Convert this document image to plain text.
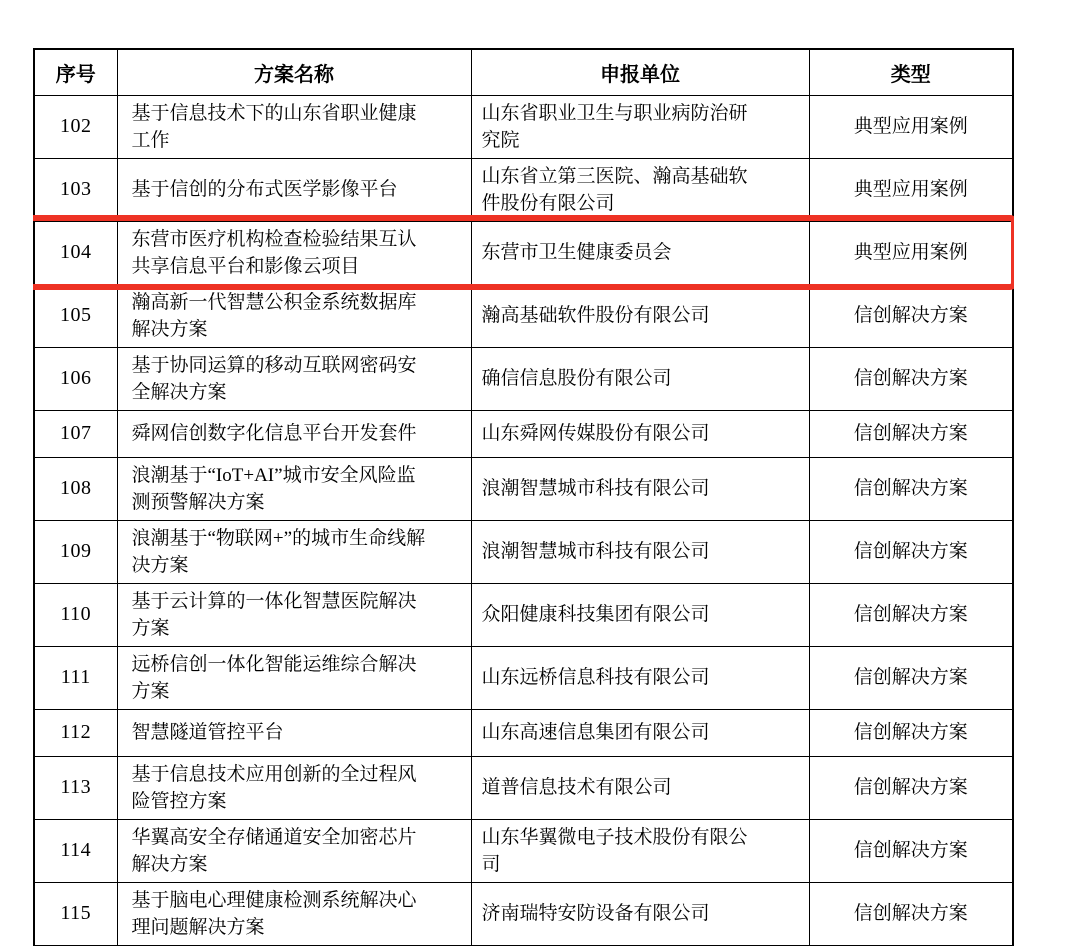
序号	方案名称	申报单位	类型
102	基于信息技术下的山东省职业健康工作	山东省职业卫生与职业病防治研究院	典型应用案例
103	基于信创的分布式医学影像平台	山东省立第三医院、瀚高基础软件股份有限公司	典型应用案例
104	东营市医疗机构检查检验结果互认共享信息平台和影像云项目	东营市卫生健康委员会	典型应用案例
105	瀚高新一代智慧公积金系统数据库解决方案	瀚高基础软件股份有限公司	信创解决方案
106	基于协同运算的移动互联网密码安全解决方案	确信信息股份有限公司	信创解决方案
107	舜网信创数字化信息平台开发套件	山东舜网传媒股份有限公司	信创解决方案
108	浪潮基于“IoT+AI”城市安全风险监测预警解决方案	浪潮智慧城市科技有限公司	信创解决方案
109	浪潮基于“物联网+”的城市生命线解决方案	浪潮智慧城市科技有限公司	信创解决方案
110	基于云计算的一体化智慧医院解决方案	众阳健康科技集团有限公司	信创解决方案
111	远桥信创一体化智能运维综合解决方案	山东远桥信息科技有限公司	信创解决方案
112	智慧隧道管控平台	山东高速信息集团有限公司	信创解决方案
113	基于信息技术应用创新的全过程风险管控方案	道普信息技术有限公司	信创解决方案
114	华翼高安全存储通道安全加密芯片解决方案	山东华翼微电子技术股份有限公司	信创解决方案
115	基于脑电心理健康检测系统解决心理问题解决方案	济南瑞特安防设备有限公司	信创解决方案
